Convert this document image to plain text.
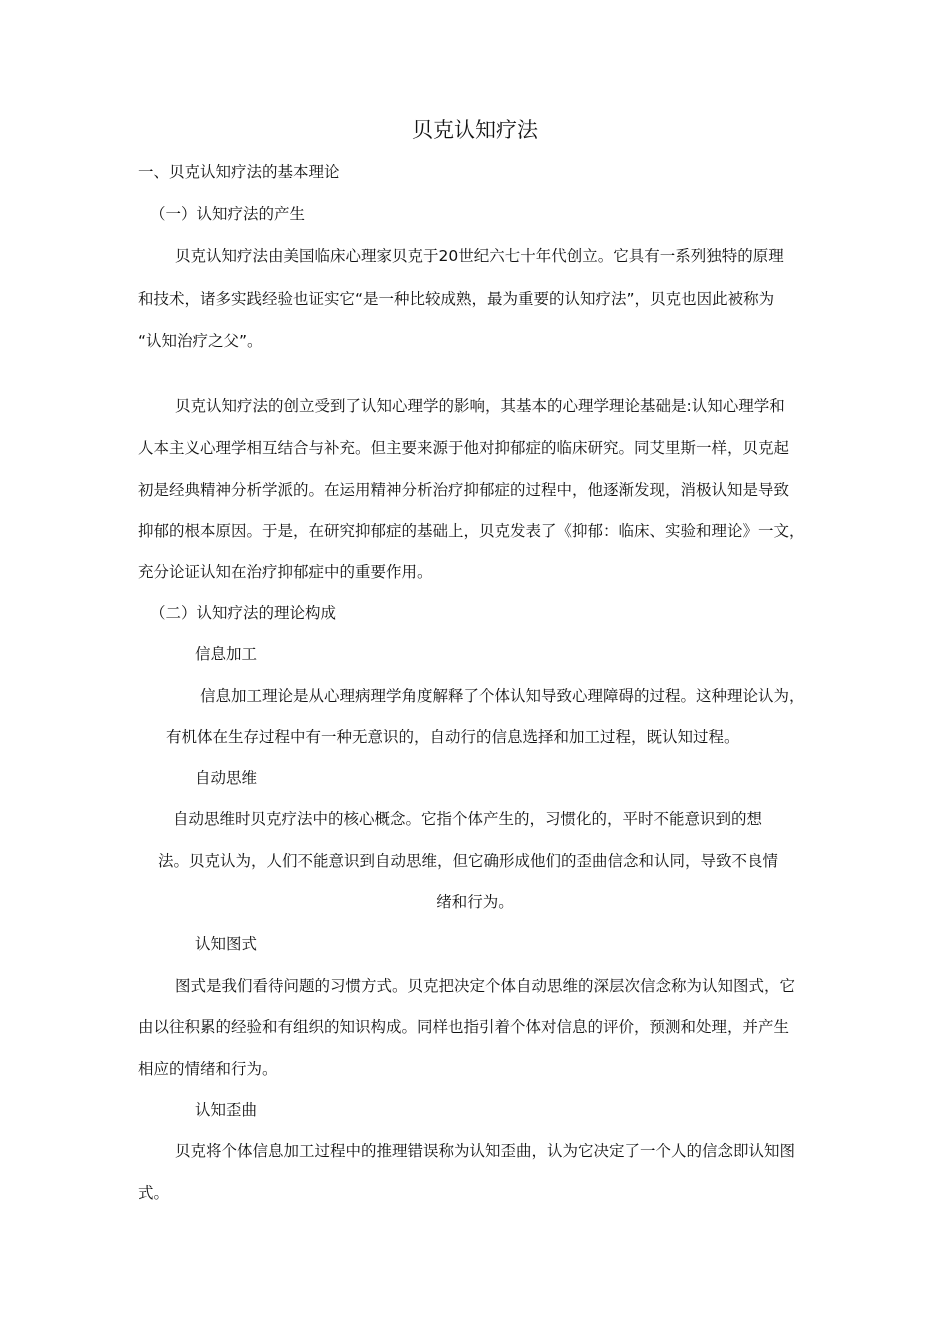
贝克认知疗法

一、贝克认知疗法的基本理论

（一）认知疗法的产生

贝克认知疗法由美国临床心理家贝克于20世纪六七十年代创立。它具有一系列独特的原理

和技术，诸多实践经验也证实它“是一种比较成熟，最为重要的认知疗法”，贝克也因此被称为

“认知治疗之父”。

贝克认知疗法的创立受到了认知心理学的影响，其基本的心理学理论基础是:认知心理学和

人本主义心理学相互结合与补充。但主要来源于他对抑郁症的临床研究。同艾里斯一样，贝克起

初是经典精神分析学派的。在运用精神分析治疗抑郁症的过程中，他逐渐发现，消极认知是导致

抑郁的根本原因。于是，在研究抑郁症的基础上，贝克发表了《抑郁：临床、实验和理论》一文，

充分论证认知在治疗抑郁症中的重要作用。

（二）认知疗法的理论构成

信息加工

信息加工理论是从心理病理学角度解释了个体认知导致心理障碍的过程。这种理论认为，

有机体在生存过程中有一种无意识的，自动行的信息选择和加工过程，既认知过程。

自动思维

自动思维时贝克疗法中的核心概念。它指个体产生的，习惯化的，平时不能意识到的想

法。贝克认为，人们不能意识到自动思维，但它确形成他们的歪曲信念和认同，导致不良情

绪和行为。

认知图式

图式是我们看待问题的习惯方式。贝克把决定个体自动思维的深层次信念称为认知图式，它

由以往积累的经验和有组织的知识构成。同样也指引着个体对信息的评价，预测和处理，并产生

相应的情绪和行为。

认知歪曲

贝克将个体信息加工过程中的推理错误称为认知歪曲，认为它决定了一个人的信念即认知图

式。
